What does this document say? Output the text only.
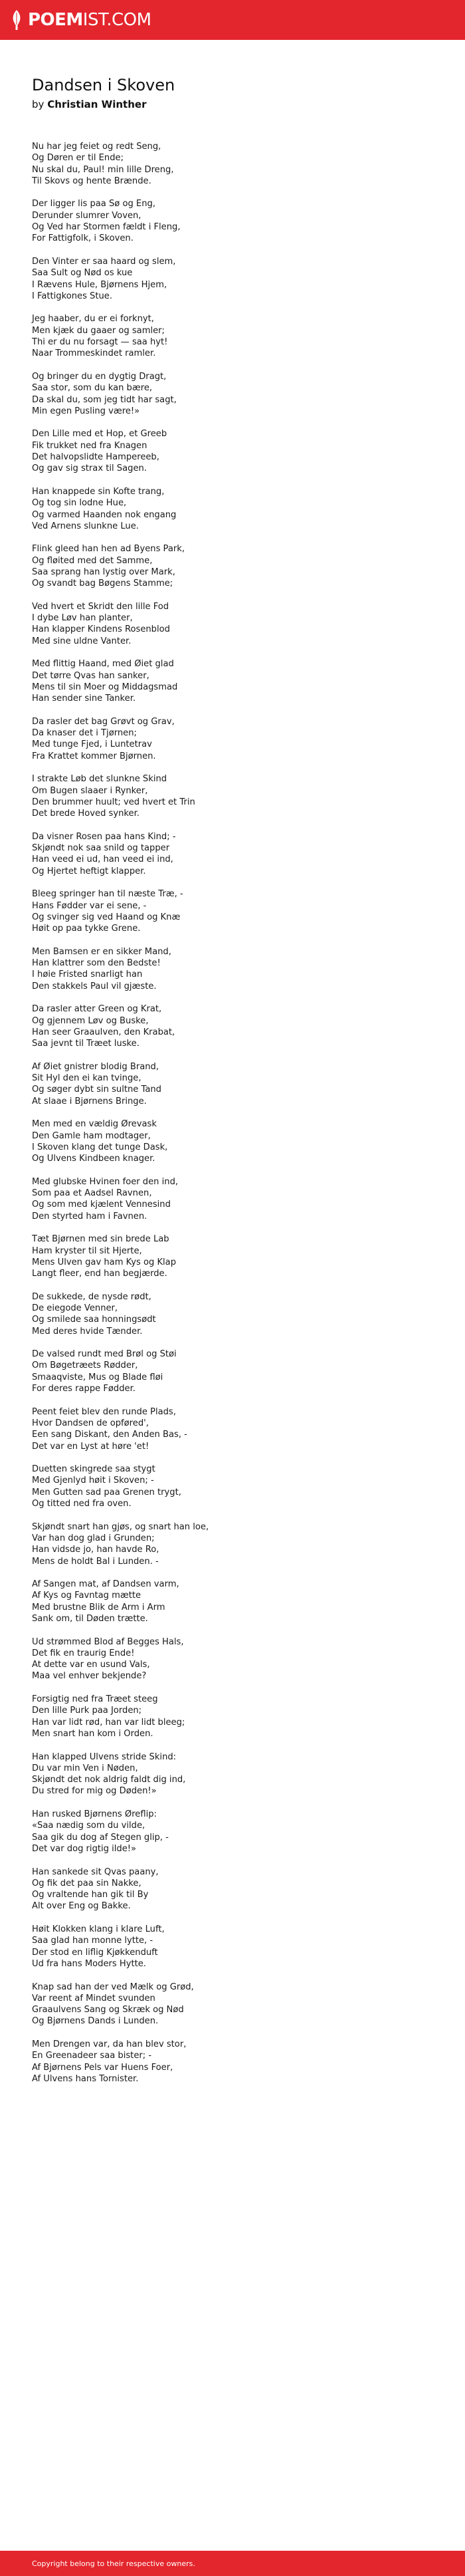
POEMIST.COM
Dandsen i Skoven

by Christian Winther

Nu har jeg feiet og redt Seng,
Og Døren er til Ende;
Nu skal du, Paul! min lille Dreng,
Til Skovs og hente Brænde.

Der ligger lis paa Sø og Eng,
Derunder slumrer Voven,
Og Ved har Stormen fældt i Fleng,
For Fattigfolk, i Skoven.

Den Vinter er saa haard og slem,
Saa Sult og Nød os kue
I Rævens Hule, Bjørnens Hjem,
I Fattigkones Stue.

Jeg haaber, du er ei forknyt,
Men kjæk du gaaer og samler;
Thi er du nu forsagt — saa hyt!
Naar Trommeskindet ramler.

Og bringer du en dygtig Dragt,
Saa stor, som du kan bære,
Da skal du, som jeg tidt har sagt,
Min egen Pusling være!»

Den Lille med et Hop, et Greeb
Fik trukket ned fra Knagen
Det halvopslidte Hampereeb,
Og gav sig strax til Sagen.

Han knappede sin Kofte trang,
Og tog sin lodne Hue,
Og varmed Haanden nok engang
Ved Arnens slunkne Lue.

Flink gleed han hen ad Byens Park,
Og fløited med det Samme,
Saa sprang han lystig over Mark,
Og svandt bag Bøgens Stamme;

Ved hvert et Skridt den lille Fod
I dybe Løv han planter,
Han klapper Kindens Rosenblod
Med sine uldne Vanter.

Med flittig Haand, med Øiet glad
Det tørre Qvas han sanker,
Mens til sin Moer og Middagsmad
Han sender sine Tanker.

Da rasler det bag Grøvt og Grav,
Da knaser det i Tjørnen;
Med tunge Fjed, i Luntetrav
Fra Krattet kommer Bjørnen.

I strakte Løb det slunkne Skind
Om Bugen slaaer i Rynker,
Den brummer huult; ved hvert et Trin
Det brede Hoved synker.

Da visner Rosen paa hans Kind; -
Skjøndt nok saa snild og tapper
Han veed ei ud, han veed ei ind,
Og Hjertet heftigt klapper.

Bleeg springer han til næste Træ, -
Hans Fødder var ei sene, -
Og svinger sig ved Haand og Knæ
Høit op paa tykke Grene.

Men Bamsen er en sikker Mand,
Han klattrer som den Bedste!
I høie Fristed snarligt han
Den stakkels Paul vil gjæste.

Da rasler atter Green og Krat,
Og gjennem Løv og Buske,
Han seer Graaulven, den Krabat,
Saa jevnt til Træet luske.

Af Øiet gnistrer blodig Brand,
Sit Hyl den ei kan tvinge,
Og søger dybt sin sultne Tand
At slaae i Bjørnens Bringe.

Men med en vældig Ørevask
Den Gamle ham modtager,
I Skoven klang det tunge Dask,
Og Ulvens Kindbeen knager.

Med glubske Hvinen foer den ind,
Som paa et Aadsel Ravnen,
Og som med kjælent Vennesind
Den styrted ham i Favnen.

Tæt Bjørnen med sin brede Lab
Ham kryster til sit Hjerte,
Mens Ulven gav ham Kys og Klap
Langt fleer, end han begjærde.

De sukkede, de nysde rødt,
De eiegode Venner,
Og smilede saa honningsødt
Med deres hvide Tænder.

De valsed rundt med Brøl og Støi
Om Bøgetræets Rødder,
Smaaqviste, Mus og Blade fløi
For deres rappe Fødder.

Peent feiet blev den runde Plads,
Hvor Dandsen de opføred',
Een sang Diskant, den Anden Bas, -
Det var en Lyst at høre 'et!

Duetten skingrede saa stygt
Med Gjenlyd høit i Skoven; -
Men Gutten sad paa Grenen trygt,
Og titted ned fra oven.

Skjøndt snart han gjøs, og snart han loe,
Var han dog glad i Grunden;
Han vidsde jo, han havde Ro,
Mens de holdt Bal i Lunden. -

Af Sangen mat, af Dandsen varm,
Af Kys og Favntag mætte
Med brustne Blik de Arm i Arm
Sank om, til Døden trætte.

Ud strømmed Blod af Begges Hals,
Det fik en traurig Ende!
At dette var en usund Vals,
Maa vel enhver bekjende?

Forsigtig ned fra Træet steeg
Den lille Purk paa Jorden;
Han var lidt rød, han var lidt bleeg;
Men snart han kom i Orden.

Han klapped Ulvens stride Skind:
Du var min Ven i Nøden,
Skjøndt det nok aldrig faldt dig ind,
Du stred for mig og Døden!»

Han rusked Bjørnens Øreflip:
«Saa nædig som du vilde,
Saa gik du dog af Stegen glip, -
Det var dog rigtig ilde!»

Han sankede sit Qvas paany,
Og fik det paa sin Nakke,
Og vraltende han gik til By
Alt over Eng og Bakke.

Høit Klokken klang i klare Luft,
Saa glad han monne lytte, -
Der stod en liflig Kjøkkenduft
Ud fra hans Moders Hytte.

Knap sad han der ved Mælk og Grød,
Var reent af Mindet svunden
Graaulvens Sang og Skræk og Nød
Og Bjørnens Dands i Lunden.

Men Drengen var, da han blev stor,
En Greenadeer saa bister; -
Af Bjørnens Pels var Huens Foer,
Af Ulvens hans Tornister.

Copyright belong to their respective owners.
